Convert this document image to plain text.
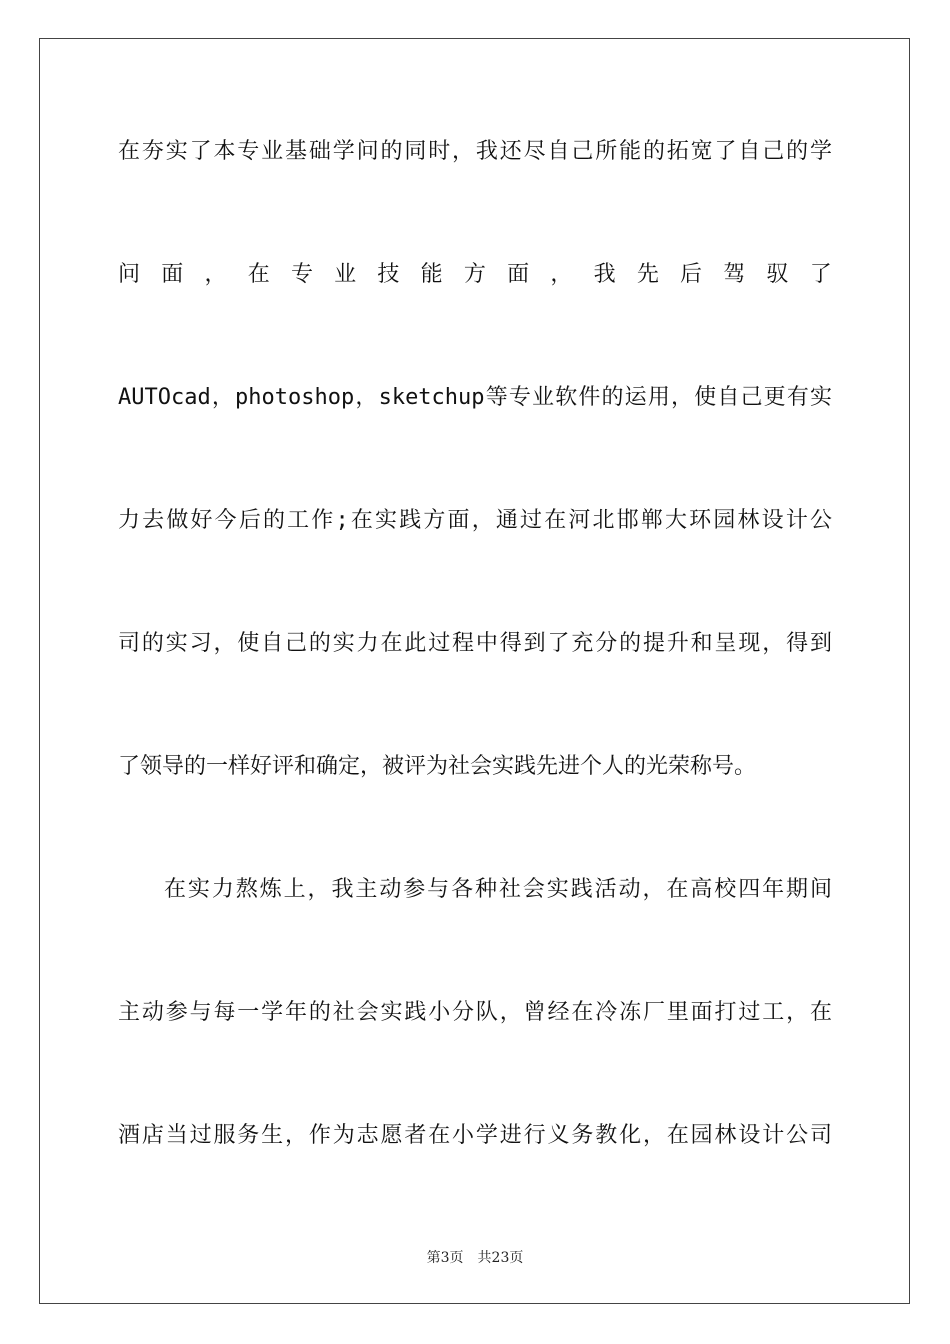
在夯实了本专业基础学问的同时，我还尽自己所能的拓宽了自己的学

问 面 ， 在 专 业 技 能 方 面 ， 我 先 后 驾 驭 了

AUTOcad，photoshop，sketchup等专业软件的运用，使自己更有实

力去做好今后的工作;在实践方面，通过在河北邯郸大环园林设计公

司的实习，使自己的实力在此过程中得到了充分的提升和呈现，得到

了领导的一样好评和确定，被评为社会实践先进个人的光荣称号。

在实力熬炼上，我主动参与各种社会实践活动，在高校四年期间

主动参与每一学年的社会实践小分队，曾经在冷冻厂里面打过工，在

酒店当过服务生，作为志愿者在小学进行义务教化，在园林设计公司

第3页　共23页
